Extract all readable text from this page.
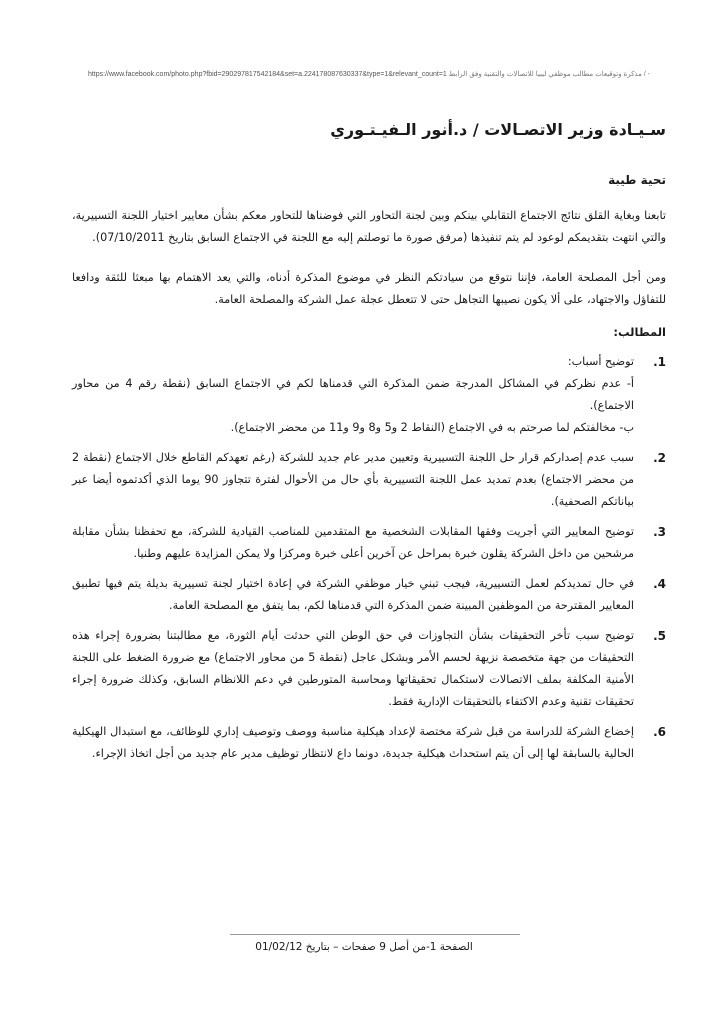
https://www.facebook.com/photo.php?fbid=290297817542184&set=a.224178087630337&type=1&relevant_count=1 مذكرة وتوقيعات مطالب موظفي ليبيا للاتصالات والتقنية وفق الرابط / -
سـيـادة وزير الاتصـالات / د.أنور الـفيـتـوري
تحية طيبة

تابعنا وبغاية القلق نتائج الاجتماع التقابلي بينكم وبين لجنة التحاور التي فوضناها للتحاور معكم بشأن معايير اختيار اللجنة التسييرية، والتي انتهت بتقديمكم لوعود لم يتم تنفيذها (مرفق صورة ما توصلتم إليه مع اللجنة في الاجتماع السابق بتاريخ 07/10/2011).

ومن أجل المصلحة العامة، فإننا نتوقع من سيادتكم النظر في موضوع المذكرة أدناه، والتي يعد الاهتمام بها مبعثا للثقة ودافعا للتفاؤل والاجتهاد، على ألا يكون نصيبها التجاهل حتى لا تتعطل عجلة عمل الشركة والمصلحة العامة.

المطالب:
1.
توضيح أسباب:
أ- عدم نظركم في المشاكل المدرجة ضمن المذكرة التي قدمناها لكم في الاجتماع السابق (نقطة رقم 4 من محاور الاجتماع).
ب- مخالفتكم لما صرحتم به في الاجتماع (النقاط 2 و5 و8 و9 و11 من محضر الاجتماع).
2.
سبب عدم إصداركم قرار حل اللجنة التسييرية وتعيين مدير عام جديد للشركة (رغم تعهدكم القاطع خلال الاجتماع (نقطة 2 من محضر الاجتماع) بعدم تمديد عمل اللجنة التسييرية بأي حال من الأحوال لفترة تتجاوز 90 يوما الذي أكدتموه أيضا عبر بياناتكم الصحفية).
3.
توضيح المعايير التي أجريت وفقها المقابلات الشخصية مع المتقدمين للمناصب القيادية للشركة، مع تحفظنا بشأن مقابلة مرشحين من داخل الشركة يقلون خبرة بمراحل عن آخرين أعلى خبرة ومركزا ولا يمكن المزايدة عليهم وطنيا.
4.
في حال تمديدكم لعمل التسييرية، فيجب تبني خيار موظفي الشركة في إعادة اختيار لجنة تسييرية بديلة يتم فيها تطبيق المعايير المقترحة من الموظفين المبينة ضمن المذكرة التي قدمناها لكم، بما يتفق مع المصلحة العامة.
5.
توضيح سبب تأخر التحقيقات بشأن التجاوزات في حق الوطن التي حدثت أيام الثورة، مع مطالبتنا بضرورة إجراء هذه التحقيقات من جهة متخصصة نزيهة لحسم الأمر وبشكل عاجل (نقطة 5 من محاور الاجتماع) مع ضرورة الضغط على اللجنة الأمنية المكلفة بملف الاتصالات لاستكمال تحقيقاتها ومحاسبة المتورطين في دعم اللانظام السابق، وكذلك ضرورة إجراء تحقيقات تقنية وعدم الاكتفاء بالتحقيقات الإدارية فقط.
6.
إخضاع الشركة للدراسة من قبل شركة مختصة لإعداد هيكلية مناسبة ووصف وتوصيف إداري للوظائف، مع استبدال الهيكلية الحالية بالسابقة لها إلى أن يتم استحداث هيكلية جديدة، دونما داع لانتظار توظيف مدير عام جديد من أجل اتخاذ الإجراء.
الصفحة 1-من أصل 9 صفحات – بتاريخ 01/02/12
